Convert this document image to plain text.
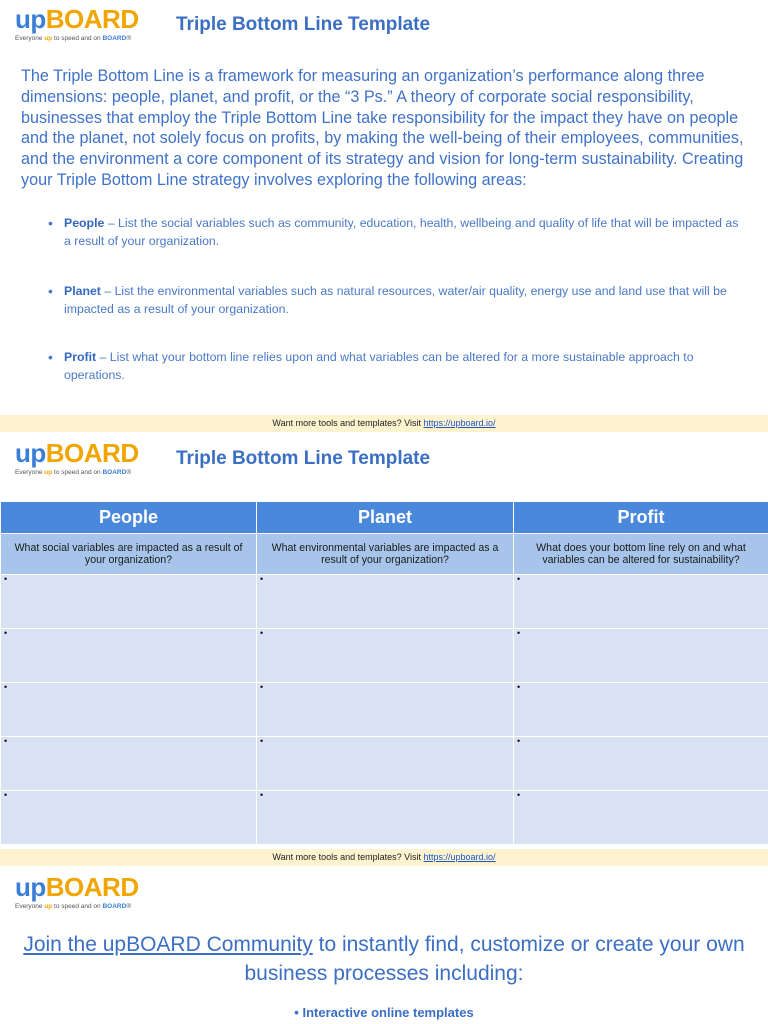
upBOARD
Everyone up to speed and on BOARD®
Triple Bottom Line Template
The Triple Bottom Line is a framework for measuring an organization’s performance along three dimensions: people, planet, and profit, or the “3 Ps.” A theory of corporate social responsibility, businesses that employ the Triple Bottom Line take responsibility for the impact they have on people and the planet, not solely focus on profits, by making the well-being of their employees, communities, and the environment a core component of its strategy and vision for long-term sustainability. Creating your Triple Bottom Line strategy involves exploring the following areas:
• People – List the social variables such as community, education, health, wellbeing and quality of life that will be impacted as a result of your organization.
• Planet – List the environmental variables such as natural resources, water/air quality, energy use and land use that will be impacted as a result of your organization.
• Profit – List what your bottom line relies upon and what variables can be altered for a more sustainable approach to operations.
Want more tools and templates? Visit https://upboard.io/
upBOARD
Everyone up to speed and on BOARD®
Triple Bottom Line Template
People	Planet	Profit
What social variables are impacted as a result of your organization?	What environmental variables are impacted as a result of your organization?	What does your bottom line rely on and what variables can be altered for sustainability?
•	•	•
•	•	•
•	•	•
•	•	•
•	•	•
Want more tools and templates? Visit https://upboard.io/
upBOARD
Everyone up to speed and on BOARD®
Join the upBOARD Community to instantly find, customize or create your own business processes including:
• Interactive online templates
